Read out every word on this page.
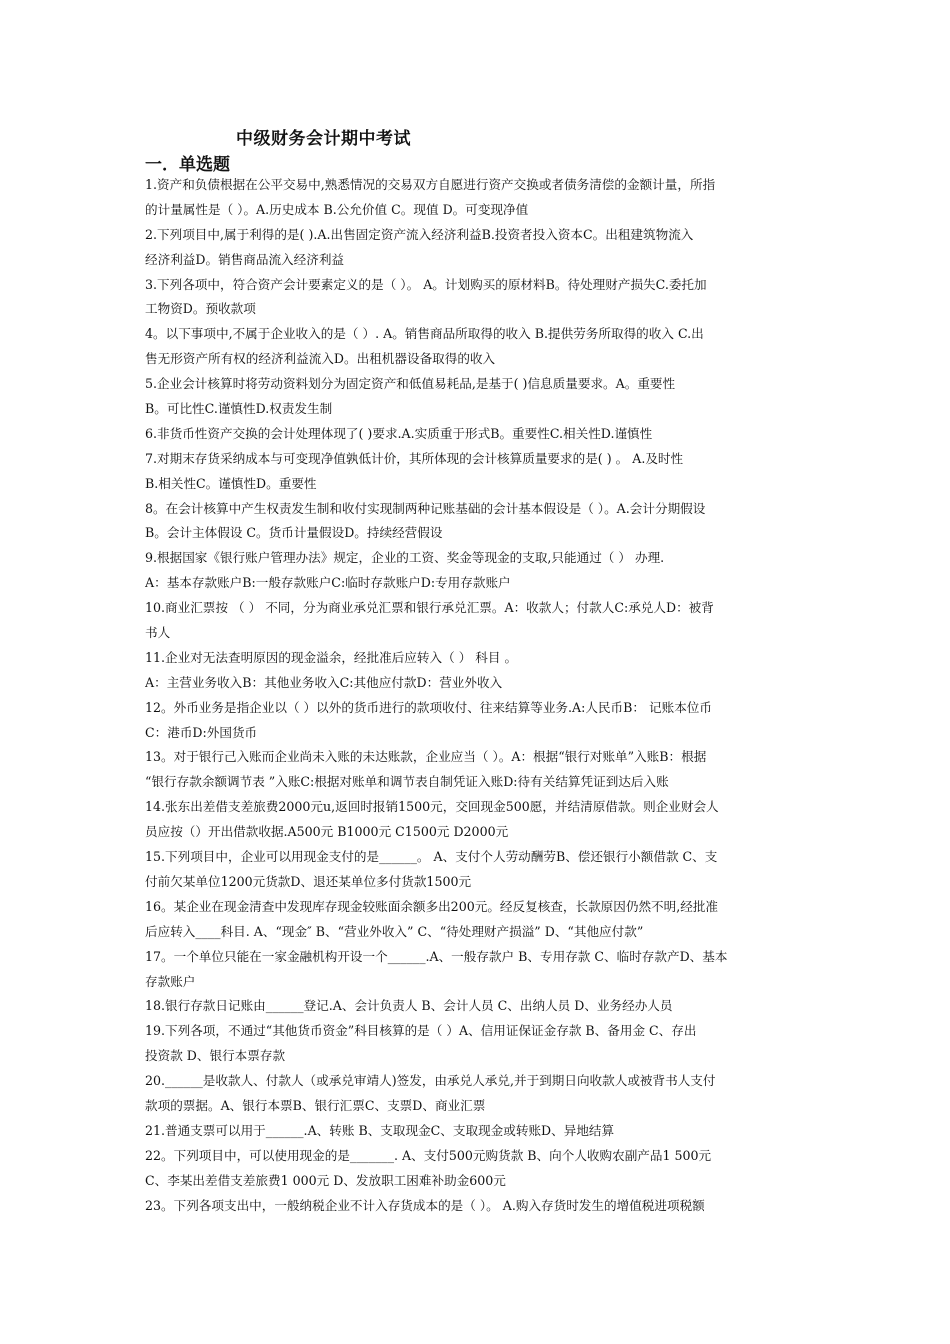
中级财务会计期中考试
一．单选题
1.资产和负债根据在公平交易中,熟悉情况的交易双方自愿进行资产交换或者债务清偿的金额计量，所指
的计量属性是（ ）。A.历史成本 B.公允价值 C。现值 D。可变现净值
2.下列项目中,属于利得的是( ).A.出售固定资产流入经济利益B.投资者投入资本C。出租建筑物流入
经济利益D。销售商品流入经济利益
3.下列各项中，符合资产会计要素定义的是（ ）。 A。计划购买的原材料B。待处理财产损失C.委托加
工物资D。预收款项
4。以下事项中,不属于企业收入的是（ ）. A。销售商品所取得的收入 B.提供劳务所取得的收入 C.出
售无形资产所有权的经济利益流入D。出租机器设备取得的收入
5.企业会计核算时将劳动资料划分为固定资产和低值易耗品,是基于( )信息质量要求。A。重要性
B。可比性C.谨慎性D.权责发生制
6.非货币性资产交换的会计处理体现了( )要求.A.实质重于形式B。重要性C.相关性D.谨慎性
7.对期末存货采纳成本与可变现净值孰低计价，其所体现的会计核算质量要求的是( ) 。 A.及时性
B.相关性C。谨慎性D。重要性
8。在会计核算中产生权责发生制和收付实现制两种记账基础的会计基本假设是（ ）。A.会计分期假设
B。会计主体假设 C。货币计量假设D。持续经营假设
9.根据国家《银行账户管理办法》规定，企业的工资、奖金等现金的支取,只能通过（ ） 办理.
A：基本存款账户B:一般存款账户C:临时存款账户D:专用存款账户
10.商业汇票按 （ ） 不同，分为商业承兑汇票和银行承兑汇票。A：收款人；付款人C:承兑人D：被背
书人
11.企业对无法查明原因的现金溢余，经批准后应转入（ ） 科目 。
A：主营业务收入B：其他业务收入C:其他应付款D：营业外收入
12。外币业务是指企业以（ ）以外的货币进行的款项收付、往来结算等业务.A:人民币B： 记账本位币
C：港币D:外国货币
13。对于银行己入账而企业尚未入账的未达账款，企业应当（ ）。A：根据“银行对账单”入账B：根据
“银行存款余额调节表 ”入账C:根据对账单和调节表自制凭证入账D:待有关结算凭证到达后入账
14.张东出差借支差旅费2000元u,返回时报销1500元，交回现金500愿，并结清原借款。则企业财会人
员应按（）开出借款收据.A500元 B1000元 C1500元 D2000元
15.下列项目中，企业可以用现金支付的是______。 A、支付个人劳动酬劳B、偿还银行小额借款 C、支
付前欠某单位1200元货款D、退还某单位多付货款1500元
16。某企业在现金清查中发现库存现金较账面余额多出200元。经反复核查，长款原因仍然不明,经批准
后应转入____科目. A、“现金″ B、“营业外收入” C、“待处理财产损溢” D、“其他应付款”
17。一个单位只能在一家金融机构开设一个______.A、一般存款户 B、专用存款 C、临时存款产D、基本
存款账户
18.银行存款日记账由______登记.A、会计负责人 B、会计人员 C、出纳人员 D、业务经办人员
19.下列各项，不通过“其他货币资金”科目核算的是（ ）A、信用证保证金存款 B、备用金 C、存出
投资款 D、银行本票存款
20.______是收款人、付款人（或承兑审靖人)签发，由承兑人承兑,并于到期日向收款人或被背书人支付
款项的票据。A、银行本票B、银行汇票C、支票D、商业汇票
21.普通支票可以用于______.A、转账 B、支取现金C、支取现金或转账D、异地结算
22。下列项目中，可以使用现金的是_______. A、支付500元购货款 B、向个人收购农副产品1 500元
C、李某出差借支差旅费1 000元 D、发放职工困难补助金600元
23。下列各项支出中，一般纳税企业不计入存货成本的是（ ）。 A.购入存货时发生的增值税进项税额
